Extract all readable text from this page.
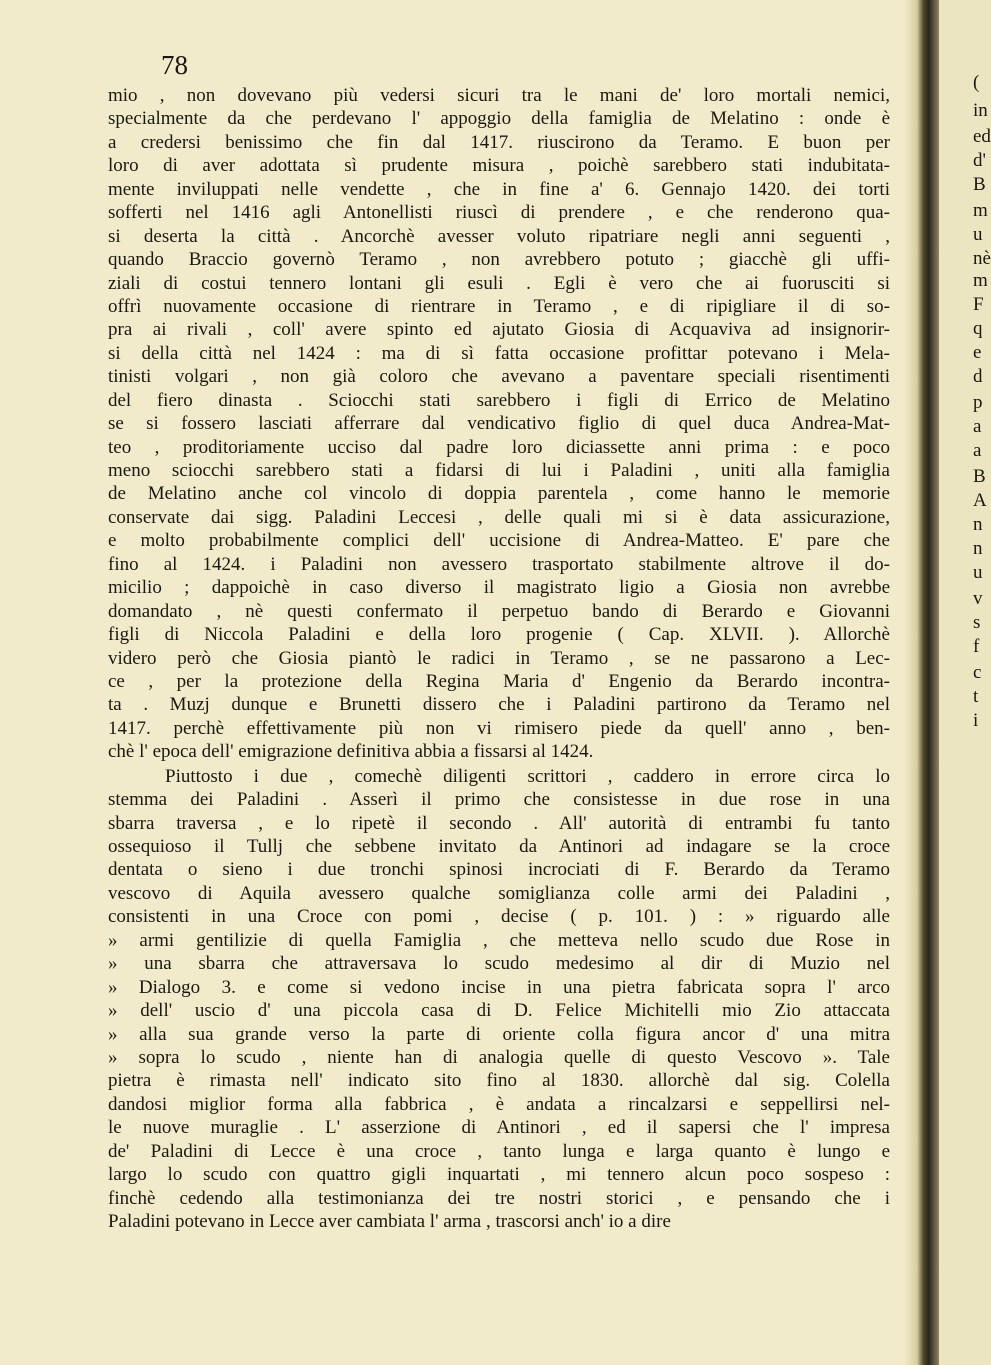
78
mio , non dovevano più vedersi sicuri tra le mani de' loro mortali nemici,
specialmente da che perdevano l' appoggio della famiglia de Melatino : onde è
a credersi benissimo che fin dal 1417. riuscirono da Teramo. E buon per
loro di aver adottata sì prudente misura , poichè sarebbero stati indubitata-
mente inviluppati nelle vendette , che in fine a' 6. Gennajo 1420. dei torti
sofferti nel 1416 agli Antonellisti riuscì di prendere , e che renderono qua-
si deserta la città . Ancorchè avesser voluto ripatriare negli anni seguenti ,
quando Braccio governò Teramo , non avrebbero potuto ; giacchè gli uffi-
ziali di costui tennero lontani gli esuli . Egli è vero che ai fuorusciti si
offrì nuovamente occasione di rientrare in Teramo , e di ripigliare il di so-
pra ai rivali , coll' avere spinto ed ajutato Giosia di Acquaviva ad insignorir-
si della città nel 1424 : ma di sì fatta occasione profittar potevano i Mela-
tinisti volgari , non già coloro che avevano a paventare speciali risentimenti
del fiero dinasta . Sciocchi stati sarebbero i figli di Errico de Melatino
se si fossero lasciati afferrare dal vendicativo figlio di quel duca Andrea-Mat-
teo , proditoriamente ucciso dal padre loro diciassette anni prima : e poco
meno sciocchi sarebbero stati a fidarsi di lui i Paladini , uniti alla famiglia
de Melatino anche col vincolo di doppia parentela , come hanno le memorie
conservate dai sigg. Paladini Leccesi , delle quali mi si è data assicurazione,
e molto probabilmente complici dell' uccisione di Andrea-Matteo. E' pare che
fino al 1424. i Paladini non avessero trasportato stabilmente altrove il do-
micilio ; dappoichè in caso diverso il magistrato ligio a Giosia non avrebbe
domandato , nè questi confermato il perpetuo bando di Berardo e Giovanni
figli di Niccola Paladini e della loro progenie ( Cap. XLVII. ). Allorchè
videro però che Giosia piantò le radici in Teramo , se ne passarono a Lec-
ce , per la protezione della Regina Maria d' Engenio da Berardo incontra-
ta . Muzj dunque e Brunetti dissero che i Paladini partirono da Teramo nel
1417. perchè effettivamente più non vi rimisero piede da quell' anno , ben-
chè l' epoca dell' emigrazione definitiva abbia a fissarsi al 1424.
Piuttosto i due , comechè diligenti scrittori , caddero in errore circa lo
stemma dei Paladini . Asserì il primo che consistesse in due rose in una
sbarra traversa , e lo ripetè il secondo . All' autorità di entrambi fu tanto
ossequioso il Tullj che sebbene invitato da Antinori ad indagare se la croce
dentata o sieno i due tronchi spinosi incrociati di F. Berardo da Teramo
vescovo di Aquila avessero qualche somiglianza colle armi dei Paladini ,
consistenti in una Croce con pomi , decise ( p. 101. ) : » riguardo alle
» armi gentilizie di quella Famiglia , che metteva nello scudo due Rose in
» una sbarra che attraversava lo scudo medesimo al dir di Muzio nel
» Dialogo 3. e come si vedono incise in una pietra fabricata sopra l' arco
» dell' uscio d' una piccola casa di D. Felice Michitelli mio Zio attaccata
» alla sua grande verso la parte di oriente colla figura ancor d' una mitra
» sopra lo scudo , niente han di analogia quelle di questo Vescovo ». Tale
pietra è rimasta nell' indicato sito fino al 1830. allorchè dal sig. Colella
dandosi miglior forma alla fabbrica , è andata a rincalzarsi e seppellirsi nel-
le nuove muraglie . L' asserzione di Antinori , ed il sapersi che l' impresa
de' Paladini di Lecce è una croce , tanto lunga e larga quanto è lungo e
largo lo scudo con quattro gigli inquartati , mi tennero alcun poco sospeso :
finchè cedendo alla testimonianza dei tre nostri storici , e pensando che i
Paladini potevano in Lecce aver cambiata l' arma , trascorsi anch' io a dire
(
in
ed
d'
B
m
u
nè
m
F
q
e
d
p
a
a
B
A
n
n
u
v
s
f
c
t
i
